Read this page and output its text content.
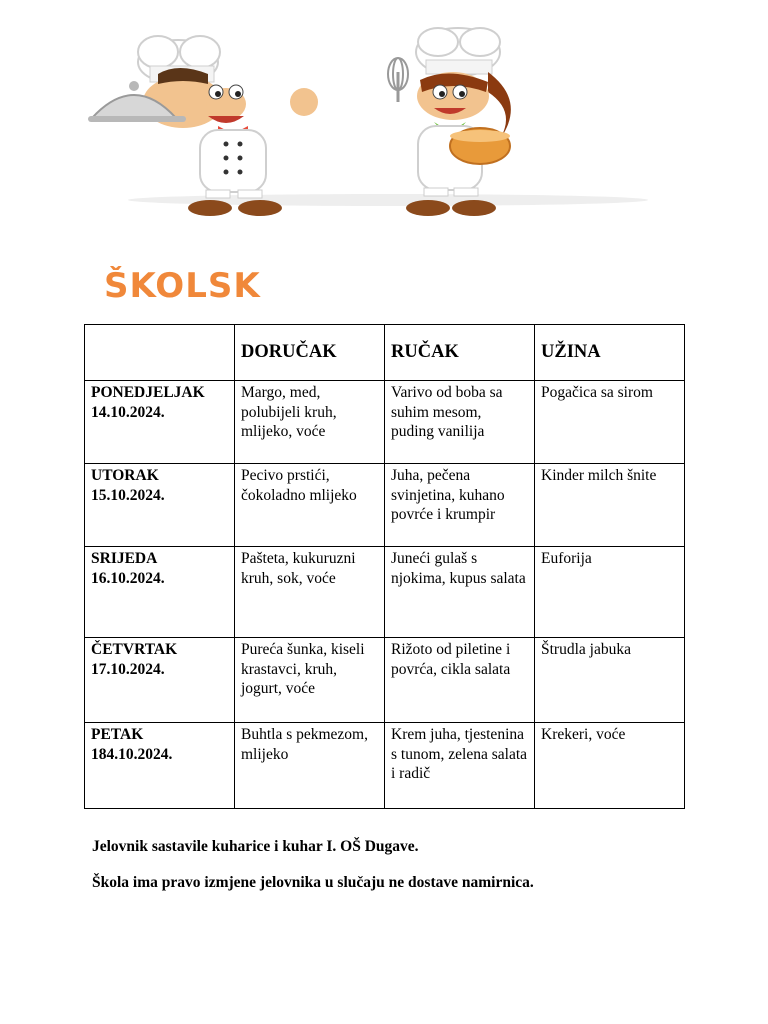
ŠKOLSK
	DORUČAK	RUČAK	UŽINA

PONEDJELJAK
14.10.2024.	Margo, med, polubijeli kruh, mlijeko, voće	Varivo od boba sa suhim mesom, puding vanilija	Pogačica sa sirom

UTORAK
15.10.2024.	Pecivo prstići, čokoladno mlijeko	Juha, pečena svinjetina, kuhano povrće i krumpir	Kinder milch šnite

SRIJEDA
16.10.2024.	Pašteta, kukuruzni kruh, sok, voće	Juneći gulaš s njokima, kupus salata	Euforija

ČETVRTAK
17.10.2024.	Pureća šunka, kiseli krastavci, kruh, jogurt, voće	Rižoto od piletine i povrća, cikla salata	Štrudla jabuka

PETAK
184.10.2024.	Buhtla s pekmezom, mlijeko	Krem juha, tjestenina s tunom, zelena salata i radič	Krekeri, voće
Jelovnik sastavile kuharice i kuhar I. OŠ Dugave.
Škola ima pravo izmjene jelovnika u slučaju ne dostave namirnica.
